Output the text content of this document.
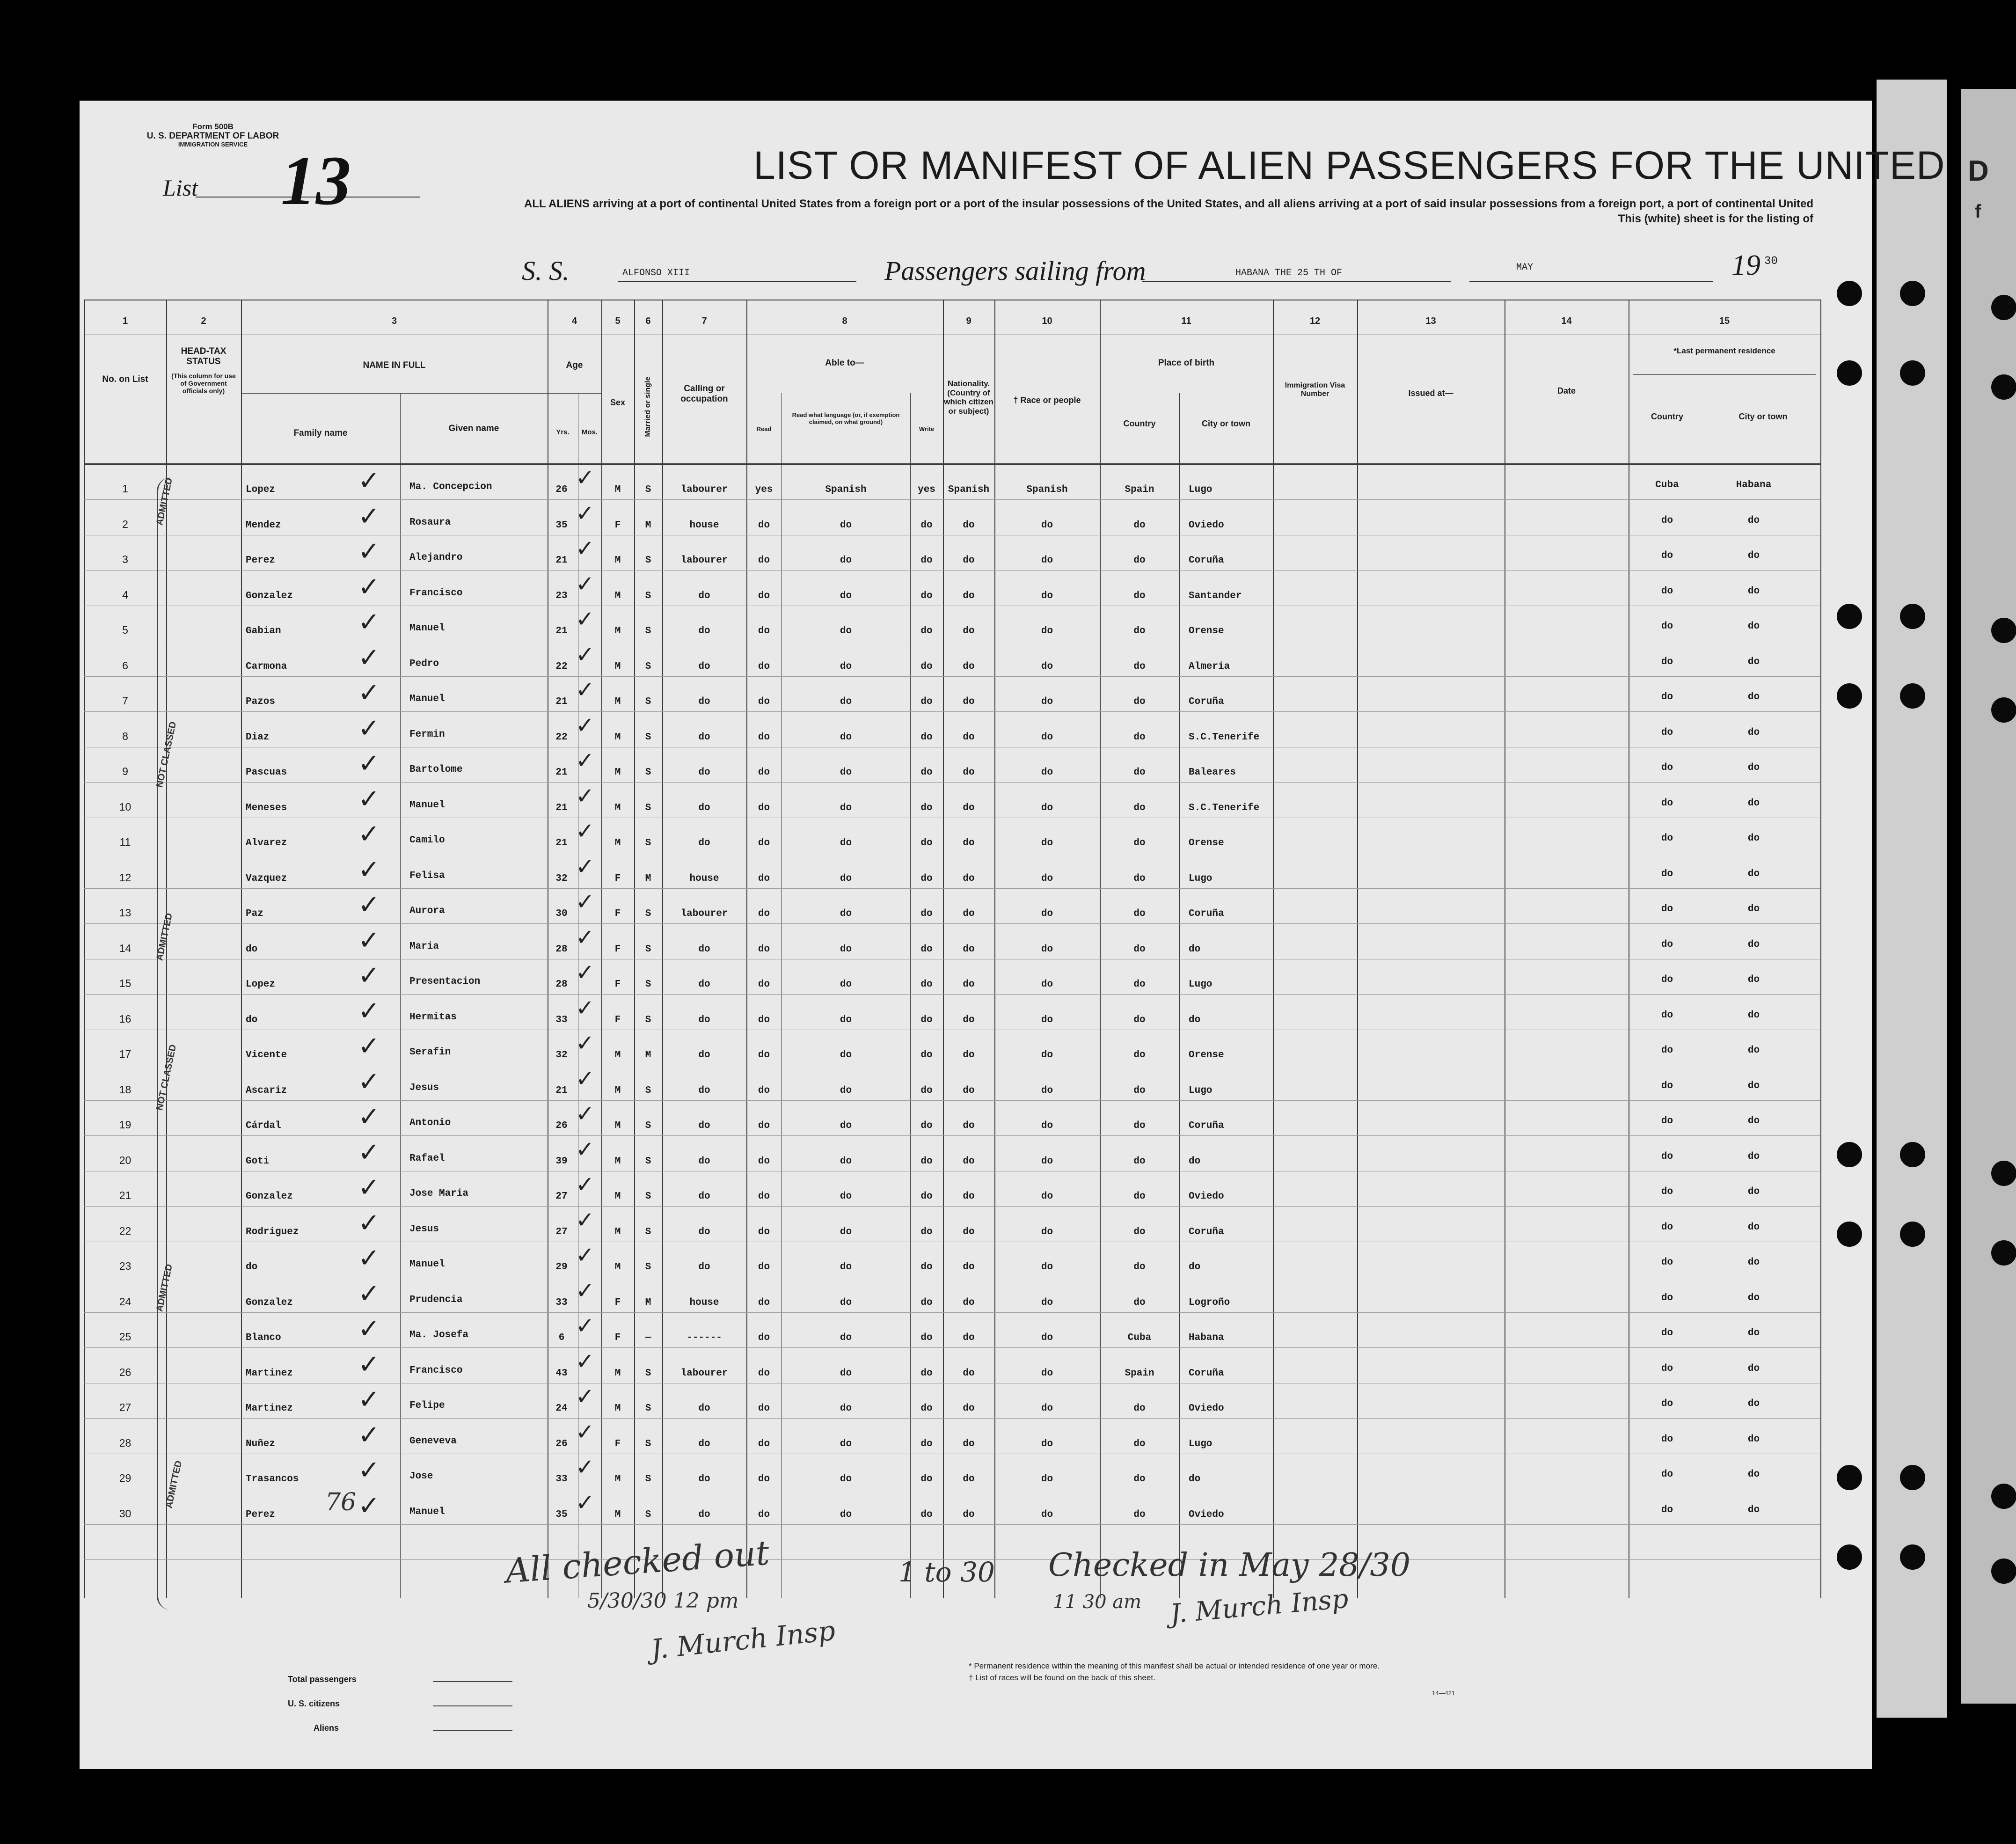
D
f
Form 500B
U. S. DEPARTMENT OF LABOR
IMMIGRATION SERVICE
List 13	LIST OR MANIFEST OF ALIEN PASSENGERS FOR THE UNITED
ALL ALIENS arriving at a port of continental United States from a foreign port or a port of the insular possessions of the United States, and all aliens arriving at a port of said insular possessions from a foreign port, a port of continental United
This (white) sheet is for the listing of
S. S.	ALFONSO XIII	Passengers sailing from	HABANA THE 25 TH OF
MAY	19 30
1	2	3	4	5	6	7	8	9	10	11	12	13	14	15
No. on List
HEAD-TAX STATUS
(This column for use of Government officials only)
NAME IN FULL
Family name	Given name
Age
Yrs.	Mos.
Sex	Married or single	Calling or occupation
Able to—
Read
Read what language (or, if exemption claimed, on what ground)
Write
Nationality. (Country of which citizen or subject)
† Race or people
Place of birth
Country	City or town
Immigration Visa Number	Issued at—	Date
*Last permanent residence
Country	City or town
1	Lopez	✓	Ma. Concepcion	26 ✓	M	S	labourer	yes	Spanish	yes	Spanish	Spanish	Spain	Lugo	Cuba	Habana
2	Mendez	✓	Rosaura	35 ✓	F	M	house	do	do	do	do	do	do	Oviedo	do	do
3	Perez	✓	Alejandro	21 ✓	M	S	labourer	do	do	do	do	do	do	Coruña	do	do
4	Gonzalez	✓	Francisco	23 ✓	M	S	do	do	do	do	do	do	do	Santander	do	do
5	Gabian	✓	Manuel	21 ✓	M	S	do	do	do	do	do	do	do	Orense	do	do
6	Carmona	✓	Pedro	22 ✓	M	S	do	do	do	do	do	do	do	Almeria	do	do
7	Pazos	✓	Manuel	21 ✓	M	S	do	do	do	do	do	do	do	Coruña	do	do
8	Diaz	✓	Fermin	22 ✓	M	S	do	do	do	do	do	do	do	S.C.Tenerife	do	do
9	Pascuas	✓	Bartolome	21 ✓	M	S	do	do	do	do	do	do	do	Baleares	do	do
10	Meneses	✓	Manuel	21 ✓	M	S	do	do	do	do	do	do	do	S.C.Tenerife	do	do
11	Alvarez	✓	Camilo	21 ✓	M	S	do	do	do	do	do	do	do	Orense	do	do
12	Vazquez	✓	Felisa	32 ✓	F	M	house	do	do	do	do	do	do	Lugo	do	do
13	Paz	✓	Aurora	30 ✓	F	S	labourer	do	do	do	do	do	do	Coruña	do	do
14	do	✓	Maria	28 ✓	F	S	do	do	do	do	do	do	do	do	do	do
15	Lopez	✓	Presentacion	28 ✓	F	S	do	do	do	do	do	do	do	Lugo	do	do
16	do	✓	Hermitas	33 ✓	F	S	do	do	do	do	do	do	do	do	do	do
17	Vicente	✓	Serafin	32 ✓	M	M	do	do	do	do	do	do	do	Orense	do	do
18	Ascariz	✓	Jesus	21 ✓	M	S	do	do	do	do	do	do	do	Lugo	do	do
19	Cárdal	✓	Antonio	26 ✓	M	S	do	do	do	do	do	do	do	Coruña	do	do
20	Goti	✓	Rafael	39 ✓	M	S	do	do	do	do	do	do	do	do	do	do
21	Gonzalez	✓	Jose Maria	27 ✓	M	S	do	do	do	do	do	do	do	Oviedo	do	do
22	Rodriguez	✓	Jesus	27 ✓	M	S	do	do	do	do	do	do	do	Coruña	do	do
23	do	✓	Manuel	29 ✓	M	S	do	do	do	do	do	do	do	do	do	do
24	Gonzalez	✓	Prudencia	33 ✓	F	M	house	do	do	do	do	do	do	Logroño	do	do
25	Blanco	✓	Ma. Josefa	6 ✓	F	—	------	do	do	do	do	do	Cuba	Habana	do	do
26	Martinez	✓	Francisco	43 ✓	M	S	labourer	do	do	do	do	do	Spain	Coruña	do	do
27	Martinez	✓	Felipe	24 ✓	M	S	do	do	do	do	do	do	do	Oviedo	do	do
28	Nuñez	✓	Geneveva	26 ✓	F	S	do	do	do	do	do	do	do	Lugo	do	do
29	Trasancos	✓	Jose	33 ✓	M	S	do	do	do	do	do	do	do	do	do	do
30	Perez	✓	Manuel	35 ✓	M	S	do	do	do	do	do	do	do	Oviedo	do	do
All checked out
5/30/30 12 pm
J. Murch Insp
1 to 30 Checked in May 28/30
11 30 am J. Murch Insp
76
ADMITTED
NOT CLASSED
ADMITTED
NOT CLASSED
ADMITTED
ADMITTED
Total passengers
U. S. citizens
Aliens
* Permanent residence within the meaning of this manifest shall be actual or intended residence of one year or more.
† List of races will be found on the back of this sheet.
14—421
